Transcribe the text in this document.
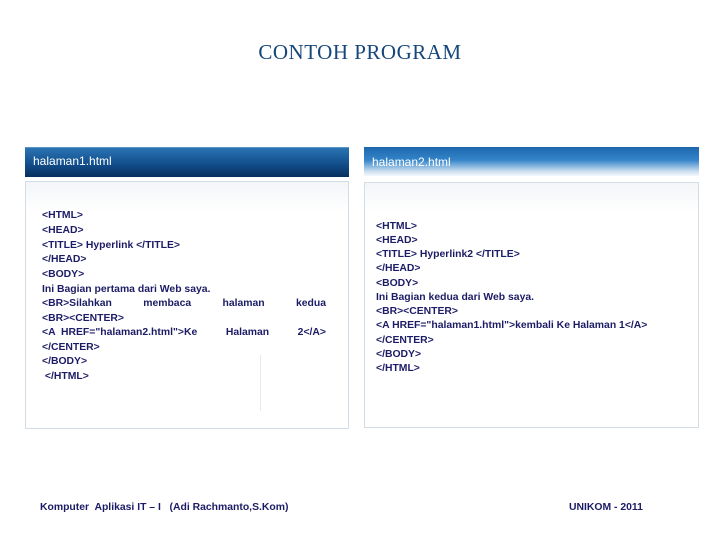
CONTOH PROGRAM
halaman1.html
<HTML>
<HEAD>
<TITLE> Hyperlink </TITLE>
</HEAD>
<BODY>
Ini Bagian pertama dari Web saya.
<BR>Silahkan	membaca	halaman	kedua
<BR><CENTER>
<A  HREF="halaman2.html">Ke	Halaman	2</A>
</CENTER>
</BODY>
</HTML>
halaman2.html
<HTML>
<HEAD>
<TITLE> Hyperlink2 </TITLE>
</HEAD>
<BODY>
Ini Bagian kedua dari Web saya.
<BR><CENTER>
<A HREF="halaman1.html">kembali Ke Halaman 1</A>
</CENTER>
</BODY>
</HTML>
Komputer  Aplikasi IT – I   (Adi Rachmanto,S.Kom)	UNIKOM - 2011
